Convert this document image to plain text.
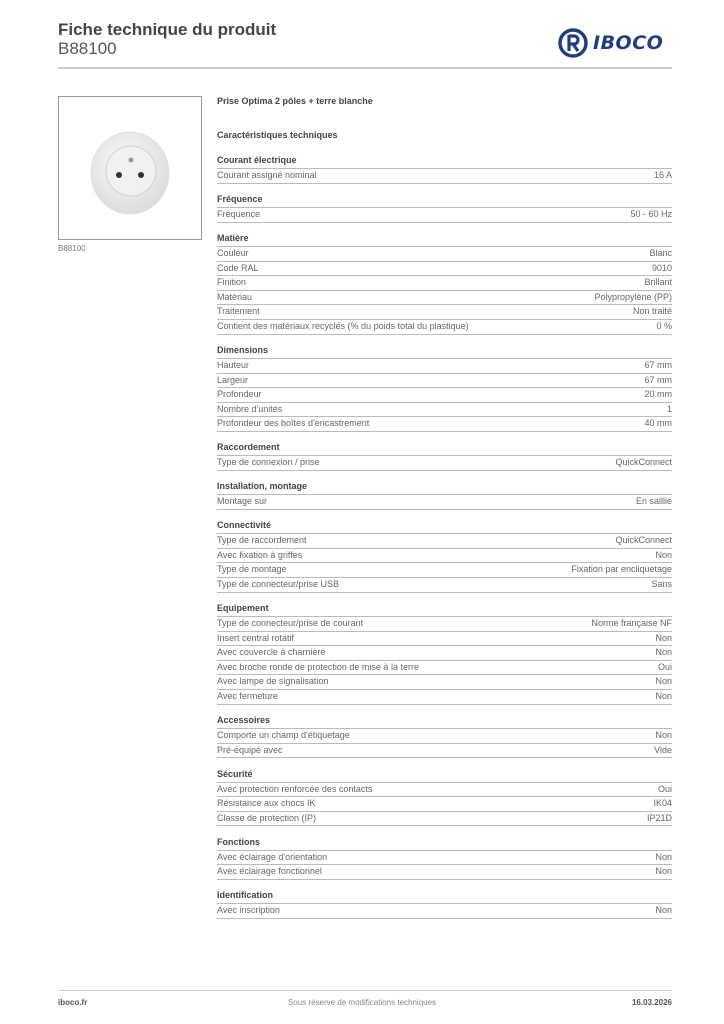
Fiche technique du produit
B88100	IBOCO
B88100
Prise Optima 2 pôles + terre blanche
Caractéristiques techniques
Courant électrique
Courant assigné nominal	16 A
Fréquence
Fréquence	50 - 60 Hz
Matière
Couleur	Blanc
Code RAL	9010
Finition	Brillant
Matériau	Polypropylène (PP)
Traitement	Non traité
Contient des matériaux recyclés (% du poids total du plastique)	0 %
Dimensions
Hauteur	67 mm
Largeur	67 mm
Profondeur	20 mm
Nombre d'unités	1
Profondeur des boîtes d'encastrement	40 mm
Raccordement
Type de connexion / prise	QuickConnect
Installation, montage
Montage sur	En saillie
Connectivité
Type de raccordement	QuickConnect
Avec fixation à griffes	Non
Type de montage	Fixation par encliquetage
Type de connecteur/prise USB	Sans
Equipement
Type de connecteur/prise de courant	Norme française NF
Insert central rotatif	Non
Avec couvercle à charnière	Non
Avec broche ronde de protection de mise à la terre	Oui
Avec lampe de signalisation	Non
Avec fermeture	Non
Accessoires
Comporte un champ d'étiquetage	Non
Pré-équipé avec	Vide
Sécurité
Avec protection renforcée des contacts	Oui
Résistance aux chocs IK	IK04
Classe de protection (IP)	IP21D
Fonctions
Avec éclairage d'orientation	Non
Avec éclairage fonctionnel	Non
Identification
Avec inscription	Non
Sous réserve de modifications techniques
iboco.fr	16.03.2026
